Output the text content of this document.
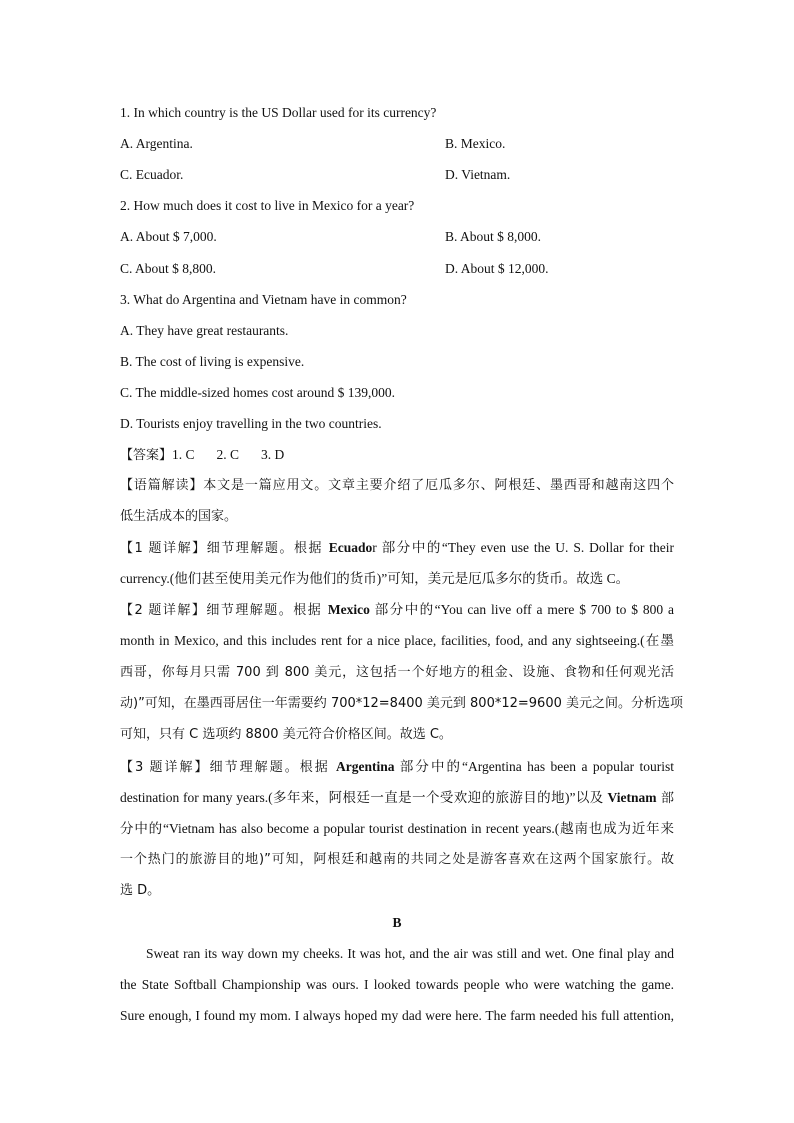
1. In which country is the US Dollar used for its currency?
A. Argentina.	B. Mexico.
C. Ecuador.	D. Vietnam.
2. How much does it cost to live in Mexico for a year?
A. About $ 7,000.	B. About $ 8,000.
C. About $ 8,800.	D. About $ 12,000.
3. What do Argentina and Vietnam have in common?
A. They have great restaurants.
B. The cost of living is expensive.
C. The middle-sized homes cost around $ 139,000.
D. Tourists enjoy travelling in the two countries.
【答案】1. C 2. C 3. D
【语篇解读】本文是一篇应用文。文章主要介绍了厄瓜多尔、阿根廷、墨西哥和越南这四个
低生活成本的国家。
【1 题详解】细节理解题。根据 Ecuador 部分中的“They even use the U. S. Dollar for their
currency.(他们甚至使用美元作为他们的货币)”可知，美元是厄瓜多尔的货币。故选 C。
【2 题详解】细节理解题。根据 Mexico 部分中的“You can live off a mere $ 700 to $ 800 a
month in Mexico, and this includes rent for a nice place, facilities, food, and any sightseeing.(在墨
西哥，你每月只需 700 到 800 美元，这包括一个好地方的租金、设施、食物和任何观光活
动)”可知，在墨西哥居住一年需要约 700*12=8400 美元到 800*12=9600 美元之间。分析选项
可知，只有 C 选项约 8800 美元符合价格区间。故选 C。
【3 题详解】细节理解题。根据 Argentina 部分中的“Argentina has been a popular tourist
destination for many years.(多年来，阿根廷一直是一个受欢迎的旅游目的地)”以及 Vietnam 部
分中的“Vietnam has also become a popular tourist destination in recent years.(越南也成为近年来
一个热门的旅游目的地)”可知，阿根廷和越南的共同之处是游客喜欢在这两个国家旅行。故
选 D。
B
Sweat ran its way down my cheeks. It was hot, and the air was still and wet. One final play and
the State Softball Championship was ours. I looked towards people who were watching the game.
Sure enough, I found my mom. I always hoped my dad were here. The farm needed his full attention,
